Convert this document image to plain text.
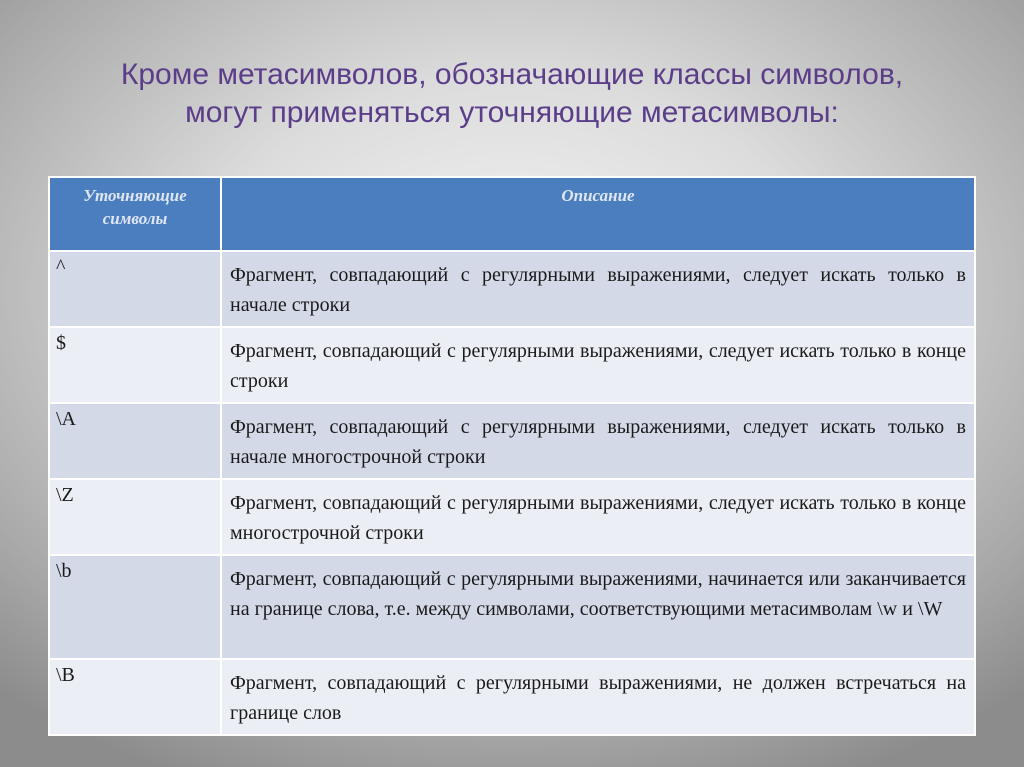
Кроме метасимволов, обозначающие классы символов,
могут применяться уточняющие метасимволы:
Уточняющие символы	Описание
^	Фрагмент, совпадающий с регулярными выражениями, следует искать только в начале строки
$	Фрагмент, совпадающий с регулярными выражениями, следует искать только в конце строки
\A	Фрагмент, совпадающий с регулярными выражениями, следует искать только в начале многострочной строки
\Z	Фрагмент, совпадающий с регулярными выражениями, следует искать только в конце многострочной строки
\b	Фрагмент, совпадающий с регулярными выражениями, начинается или заканчивается на границе слова, т.е. между символами, соответствующими метасимволам \w и \W
\B	Фрагмент, совпадающий с регулярными выражениями, не должен встречаться на границе слов
